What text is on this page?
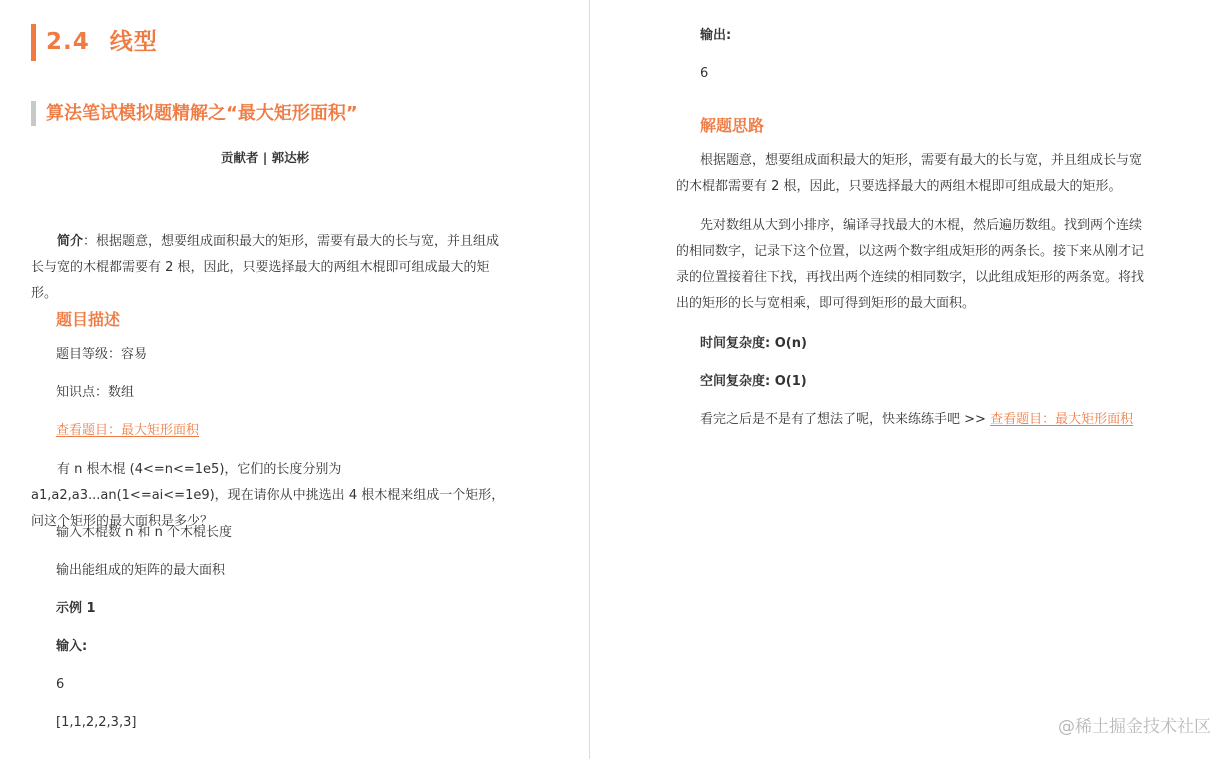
2.4 线型
算法笔试模拟题精解之“最大矩形面积”
贡献者 | 郭达彬
简介：根据题意，想要组成面积最大的矩形，需要有最大的长与宽，并且组成长与宽的木棍都需要有 2 根，因此，只要选择最大的两组木棍即可组成最大的矩形。
题目描述
题目等级：容易
知识点：数组
查看题目：最大矩形面积
有 n 根木棍 (4<=n<=1e5)，它们的长度分别为 a1,a2,a3...an(1<=ai<=1e9)，现在请你从中挑选出 4 根木棍来组成一个矩形，问这个矩形的最大面积是多少？
输入木棍数 n 和 n 个木棍长度
输出能组成的矩阵的最大面积
示例 1
输入:
6
[1,1,2,2,3,3]
输出:
6
解题思路
根据题意，想要组成面积最大的矩形，需要有最大的长与宽，并且组成长与宽的木棍都需要有 2 根，因此，只要选择最大的两组木棍即可组成最大的矩形。
先对数组从大到小排序，编译寻找最大的木棍，然后遍历数组。找到两个连续的相同数字，记录下这个位置，以这两个数字组成矩形的两条长。接下来从刚才记录的位置接着往下找，再找出两个连续的相同数字，以此组成矩形的两条宽。将找出的矩形的长与宽相乘，即可得到矩形的最大面积。
时间复杂度: O(n)
空间复杂度: O(1)
看完之后是不是有了想法了呢，快来练练手吧 >> 查看题目：最大矩形面积
@稀土掘金技术社区
